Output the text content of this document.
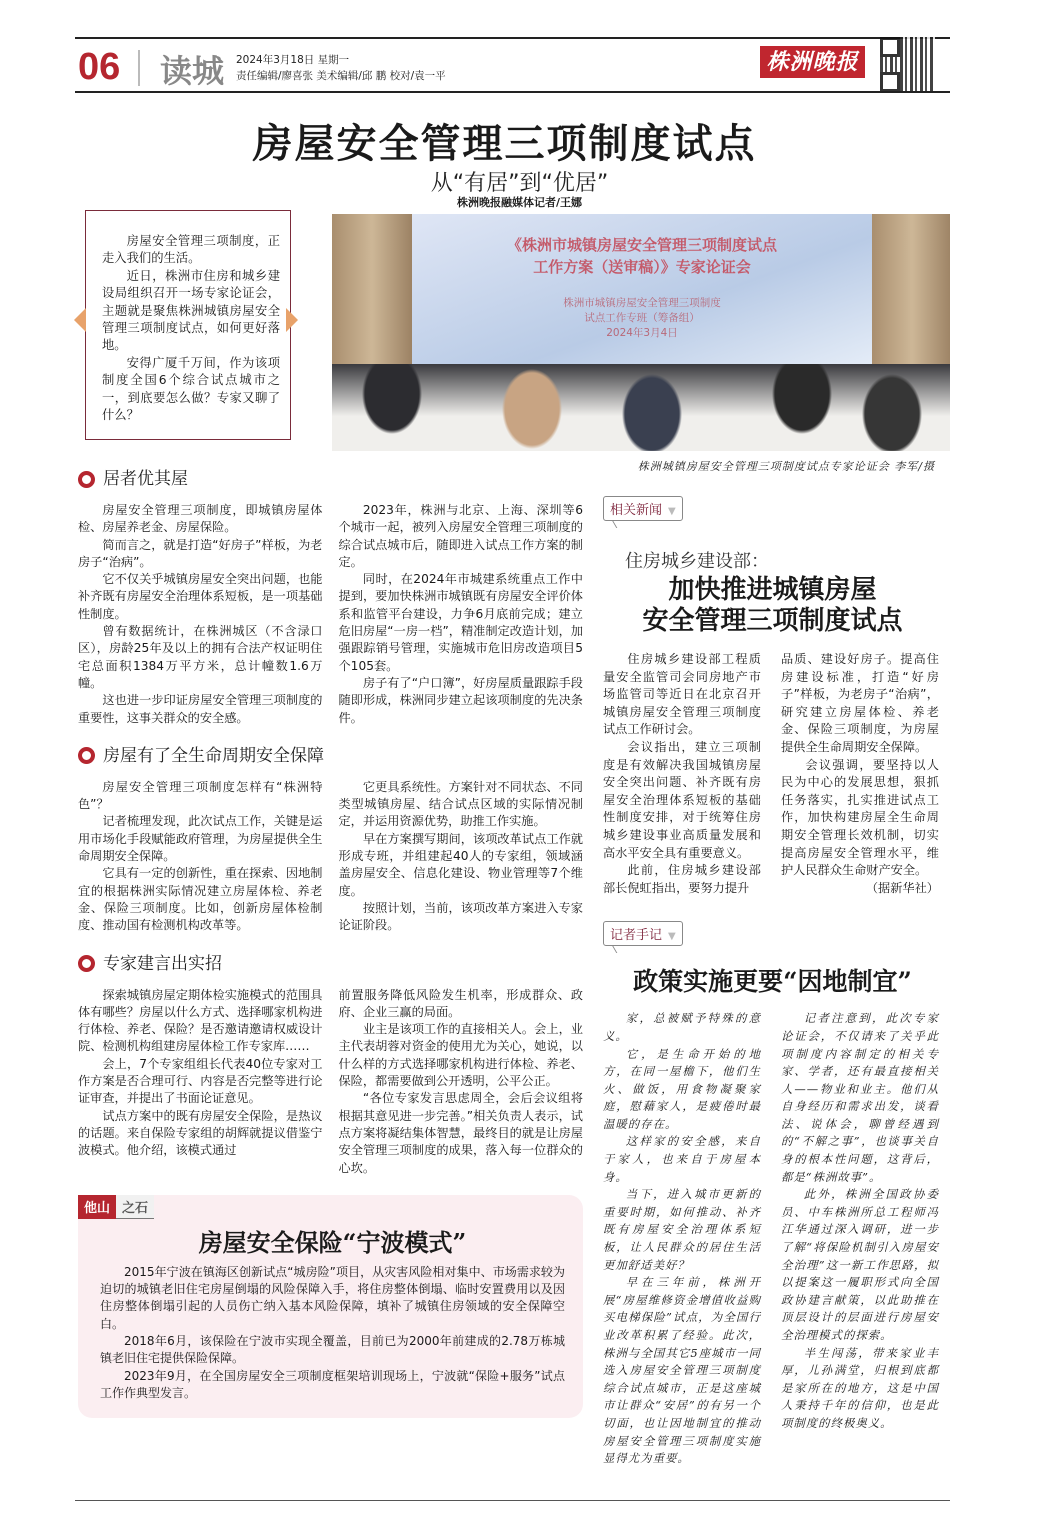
06 读城 2024年3月18日 星期一
责任编辑/廖喜张 美术编辑/邱 鹏 校对/袁一平
株洲晚报
房屋安全管理三项制度试点
从“有居”到“优居”
株洲晚报融媒体记者/王娜

房屋安全管理三项制度，正走入我们的生活。

近日，株洲市住房和城乡建设局组织召开一场专家论证会，主题就是聚焦株洲城镇房屋安全管理三项制度试点，如何更好落地。

安得广厦千万间，作为该项制度全国6个综合试点城市之一，到底要怎么做？专家又聊了什么？

《株洲市城镇房屋安全管理三项制度试点
工作方案（送审稿）》专家论证会
株洲市城镇房屋安全管理三项制度
试点工作专班（筹备组）
2024年3月4日
株洲城镇房屋安全管理三项制度试点专家论证会 李军/摄
居者优其屋

房屋安全管理三项制度，即城镇房屋体检、房屋养老金、房屋保险。

简而言之，就是打造“好房子”样板，为老房子“治病”。

它不仅关乎城镇房屋安全突出问题，也能补齐既有房屋安全治理体系短板，是一项基础性制度。

曾有数据统计，在株洲城区（不含渌口区），房龄25年及以上的拥有合法产权证明住宅总面积1384万平方米，总计幢数1.6万幢。

这也进一步印证房屋安全管理三项制度的重要性，这事关群众的安全感。

2023年，株洲与北京、上海、深圳等6个城市一起，被列入房屋安全管理三项制度的综合试点城市后，随即进入试点工作方案的制定。

同时，在2024年市城建系统重点工作中提到，要加快株洲市城镇既有房屋安全评价体系和监管平台建设，力争6月底前完成；建立危旧房屋“一房一档”，精准制定改造计划，加强跟踪销号管理，实施城市危旧房改造项目5个105套。

房子有了“户口簿”，好房屋质量跟踪手段随即形成，株洲同步建立起该项制度的先决条件。

房屋有了全生命周期安全保障

房屋安全管理三项制度怎样有“株洲特色”？

记者梳理发现，此次试点工作，关键是运用市场化手段赋能政府管理，为房屋提供全生命周期安全保障。

它具有一定的创新性，重在探索、因地制宜的根据株洲实际情况建立房屋体检、养老金、保险三项制度。比如，创新房屋体检制度、推动国有检测机构改革等。

它更具系统性。方案针对不同状态、不同类型城镇房屋、结合试点区域的实际情况制定，并运用资源优势，助推工作实施。

早在方案撰写期间，该项改革试点工作就形成专班，并组建起40人的专家组，领域涵盖房屋安全、信息化建设、物业管理等7个维度。

按照计划，当前，该项改革方案进入专家论证阶段。

专家建言出实招

探索城镇房屋定期体检实施模式的范围具体有哪些？房屋以什么方式、选择哪家机构进行体检、养老、保险？是否邀请邀请权威设计院、检测机构组建房屋体检工作专家库……

会上，7个专家组组长代表40位专家对工作方案是否合理可行、内容是否完整等进行论证审查，并提出了书面论证意见。

试点方案中的既有房屋安全保险，是热议的话题。来自保险专家组的胡辉就提议借鉴宁波模式。他介绍，该模式通过

前置服务降低风险发生机率，形成群众、政府、企业三赢的局面。

业主是该项工作的直接相关人。会上，业主代表胡蓉对资金的使用尤为关心，她说，以什么样的方式选择哪家机构进行体检、养老、保险，都需要做到公开透明，公平公正。

“各位专家发言思虑周全，会后会议组将根据其意见进一步完善。”相关负责人表示，试点方案将凝结集体智慧，最终目的就是让房屋安全管理三项制度的成果，落入每一位群众的心坎。

他山 之石
房屋安全保险“宁波模式”

2015年宁波在镇海区创新试点“城房险”项目，从灾害风险相对集中、市场需求较为迫切的城镇老旧住宅房屋倒塌的风险保障入手，将住房整体倒塌、临时安置费用以及因住房整体倒塌引起的人员伤亡纳入基本风险保障，填补了城镇住房领域的安全保障空白。

2018年6月，该保险在宁波市实现全覆盖，目前已为2000年前建成的2.78万栋城镇老旧住宅提供保险保障。

2023年9月，在全国房屋安全三项制度框架培训现场上，宁波就“保险+服务”试点工作作典型发言。

相关新闻 ▼
住房城乡建设部：
加快推进城镇房屋
安全管理三项制度试点

住房城乡建设部工程质量安全监管司会同房地产市场监管司等近日在北京召开城镇房屋安全管理三项制度试点工作研讨会。

会议指出，建立三项制度是有效解决我国城镇房屋安全突出问题、补齐既有房屋安全治理体系短板的基础性制度安排，对于统筹住房城乡建设事业高质量发展和高水平安全具有重要意义。

此前，住房城乡建设部部长倪虹指出，要努力提升

品质、建设好房子。提高住房建设标准，打造“好房子”样板，为老房子“治病”，研究建立房屋体检、养老金、保险三项制度，为房屋提供全生命周期安全保障。

会议强调，要坚持以人民为中心的发展思想，狠抓任务落实，扎实推进试点工作，加快构建房屋全生命周期安全管理长效机制，切实提高房屋安全管理水平，维护人民群众生命财产安全。

（据新华社）
记者手记 ▼
政策实施更要“因地制宜”

家，总被赋予特殊的意义。

它，是生命开始的地方，在同一屋檐下，他们生火、做饭，用食物凝聚家庭，慰藉家人，是疲倦时最温暖的存在。

这样家的安全感，来自于家人，也来自于房屋本身。

当下，进入城市更新的重要时期，如何推动、补齐既有房屋安全治理体系短板，让人民群众的居住生活更加舒适美好？

早在三年前，株洲开展“房屋维修资金增值收益购买电梯保险”试点，为全国行业改革积累了经验。此次，株洲与全国其它5座城市一同选入房屋安全管理三项制度综合试点城市，正是这座城市让群众“安居”的有另一个切面，也让因地制宜的推动房屋安全管理三项制度实施显得尤为重要。

记者注意到，此次专家论证会，不仅请来了关乎此项制度内容制定的相关专家、学者，还有最直接相关人——物业和业主。他们从自身经历和需求出发，谈看法、说体会，聊曾经遇到的“不解之事”，也谈事关自身的根本性问题，这背后，都是“株洲故事”。

此外，株洲全国政协委员、中车株洲所总工程师冯江华通过深入调研，进一步了解“将保险机制引入房屋安全治理”这一新工作思路，拟以提案这一履职形式向全国政协建言献策，以此助推在顶层设计的层面进行房屋安全治理模式的探索。

半生闯荡，带来家业丰厚，儿孙满堂，归根到底都是家所在的地方，这是中国人秉持千年的信仰，也是此项制度的终极奥义。
